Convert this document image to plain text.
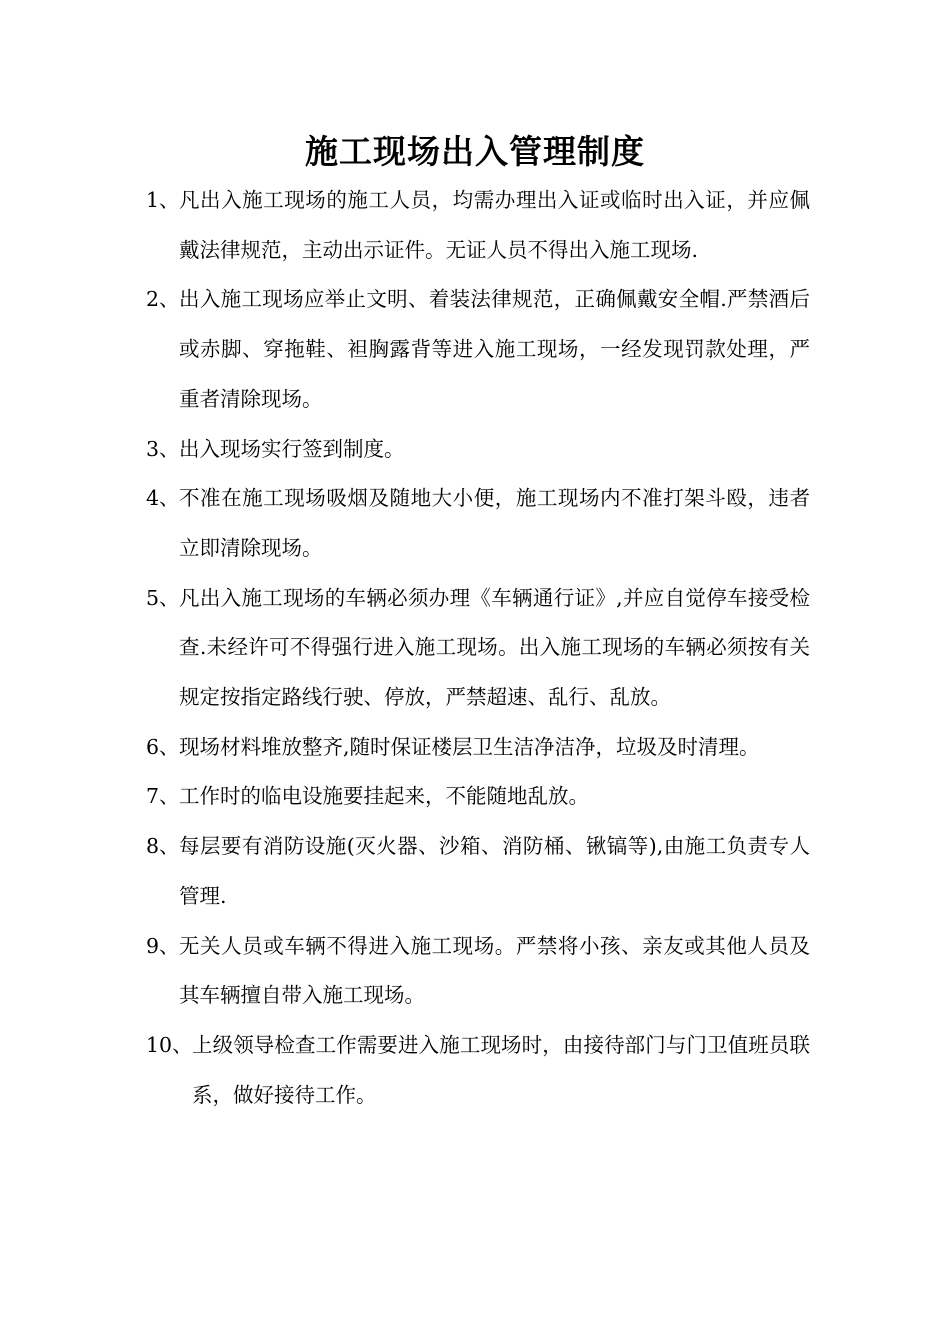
施工现场出入管理制度
1、 凡出入施工现场的施工人员，均需办理出入证或临时出入证，并应佩戴法律规范，主动出示证件。无证人员不得出入施工现场.
2、 出入施工现场应举止文明、着装法律规范，正确佩戴安全帽.严禁酒后或赤脚、穿拖鞋、袒胸露背等进入施工现场，一经发现罚款处理，严重者清除现场。
3、 出入现场实行签到制度。
4、 不准在施工现场吸烟及随地大小便，施工现场内不准打架斗殴，违者立即清除现场。
5、 凡出入施工现场的车辆必须办理《车辆通行证》,并应自觉停车接受检查.未经许可不得强行进入施工现场。出入施工现场的车辆必须按有关规定按指定路线行驶、停放，严禁超速、乱行、乱放。
6、 现场材料堆放整齐,随时保证楼层卫生洁净洁净，垃圾及时清理。
7、 工作时的临电设施要挂起来，不能随地乱放。
8、 每层要有消防设施(灭火器、沙箱、消防桶、锹镐等),由施工负责专人管理.
9、 无关人员或车辆不得进入施工现场。严禁将小孩、亲友或其他人员及其车辆擅自带入施工现场。
10、 上级领导检查工作需要进入施工现场时，由接待部门与门卫值班员联系，做好接待工作。
